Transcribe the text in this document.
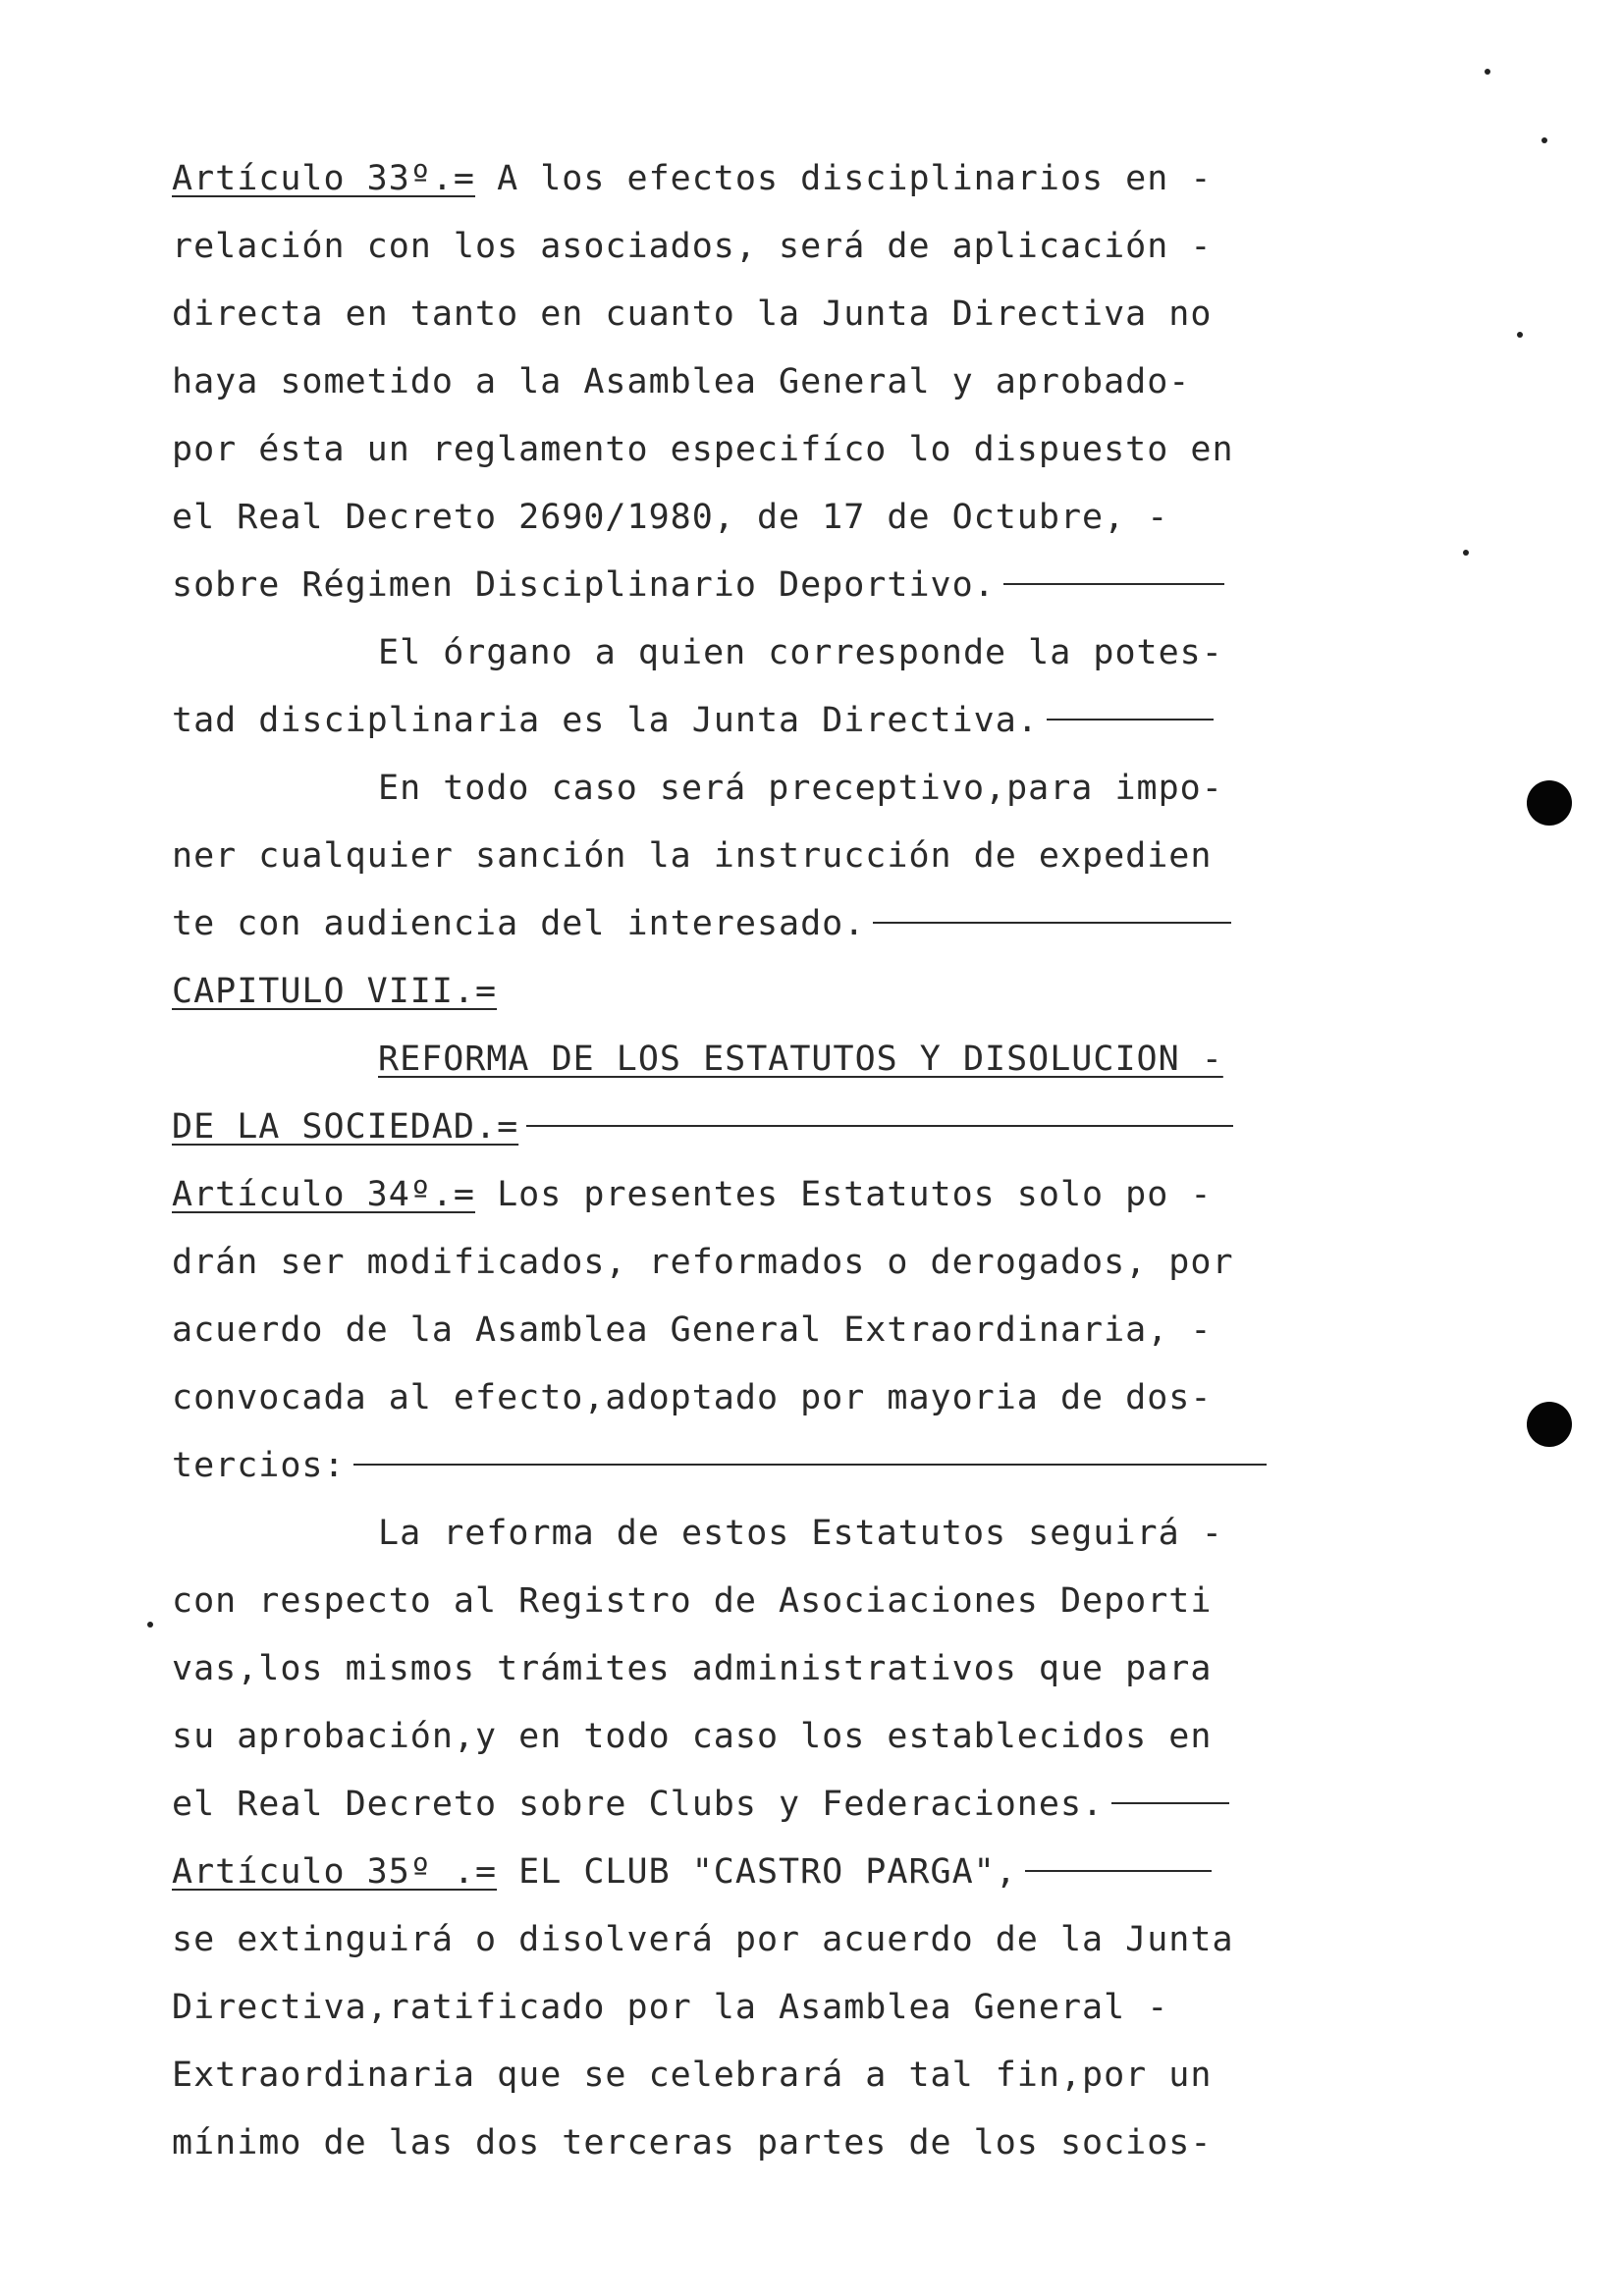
Artículo 33º.= A los efectos disciplinarios en -
relación con los asociados, será de aplicación -
directa en tanto en cuanto la Junta Directiva no
haya sometido a la Asamblea General y aprobado-
por ésta un reglamento especifíco lo dispuesto en
el Real Decreto 2690/1980, de 17 de Octubre, -
sobre Régimen Disciplinario Deportivo.
El órgano a quien corresponde la potes-
tad disciplinaria es la Junta Directiva.
En todo caso será preceptivo,para impo-
ner cualquier sanción la instrucción de expedien
te con audiencia del interesado.
CAPITULO VIII.=
REFORMA DE LOS ESTATUTOS Y DISOLUCION -
DE LA SOCIEDAD.=
Artículo 34º.= Los presentes Estatutos solo po -
drán ser modificados, reformados o derogados, por
acuerdo de la Asamblea General Extraordinaria, -
convocada al efecto,adoptado por mayoria de dos-
tercios:
La reforma de estos Estatutos seguirá -
con respecto al Registro de Asociaciones Deporti
vas,los mismos trámites administrativos que para
su aprobación,y en todo caso los establecidos en
el Real Decreto sobre Clubs y Federaciones.
Artículo 35º .= EL CLUB "CASTRO PARGA",
se extinguirá o disolverá por acuerdo de la Junta
Directiva,ratificado por la Asamblea General -
Extraordinaria que se celebrará a tal fin,por un
mínimo de las dos terceras partes de los socios-
